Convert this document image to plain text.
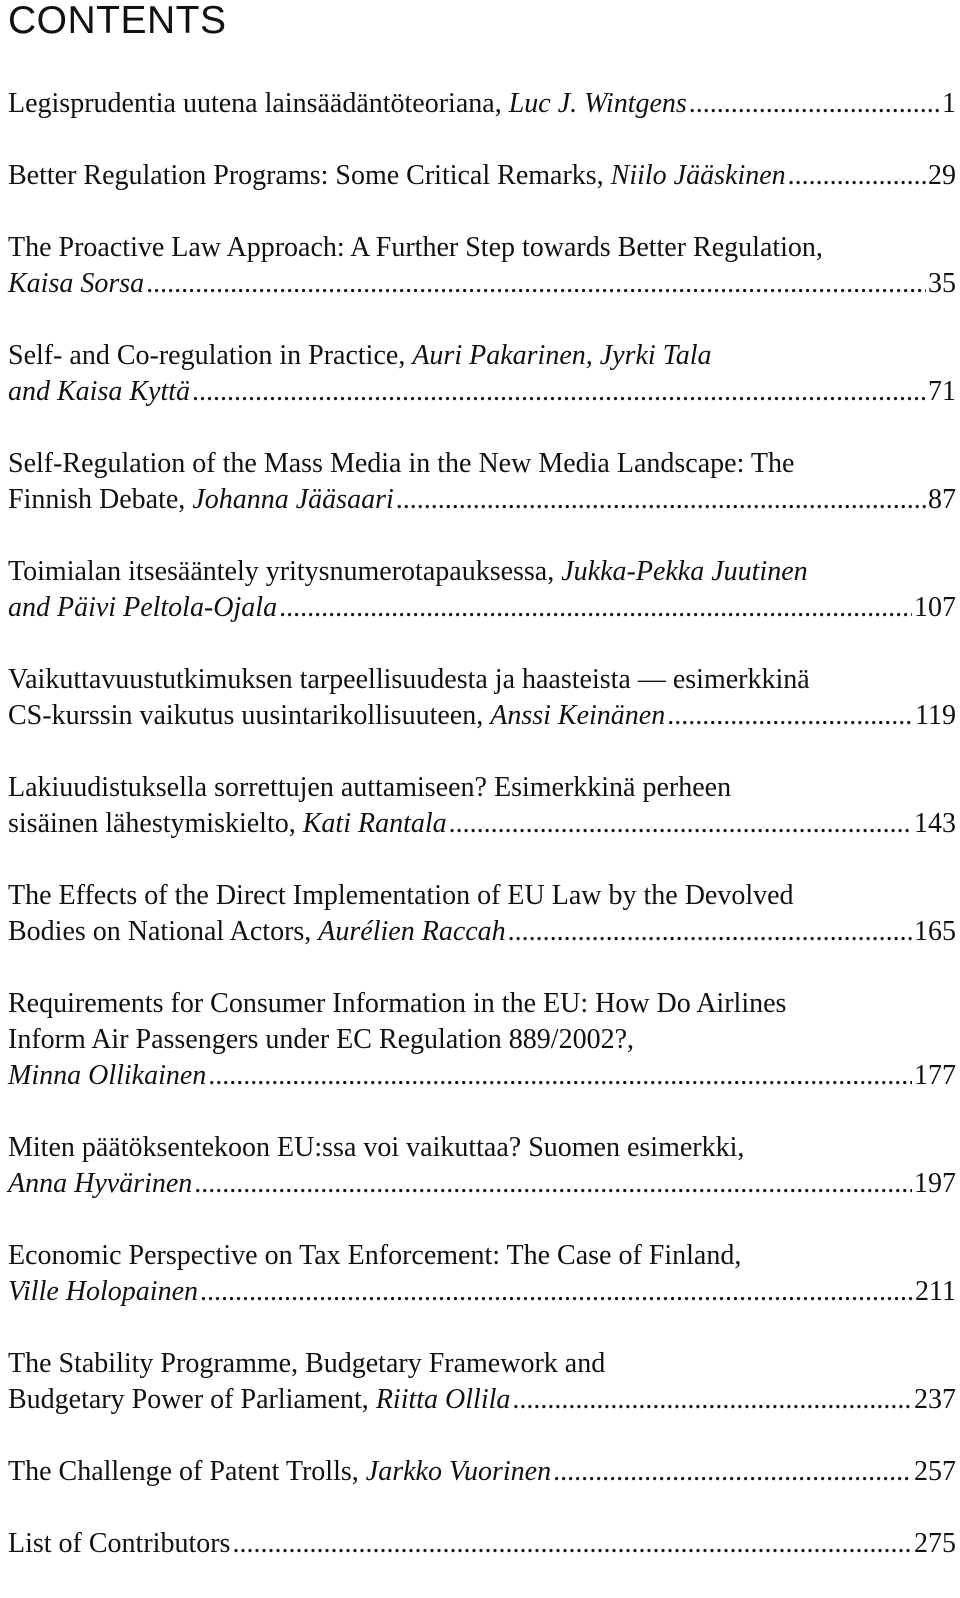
CONTENTS
Legisprudentia uutena lainsäädäntöteoriana, Luc J. Wintgens .....	1
Better Regulation Programs: Some Critical Remarks, Niilo Jääskinen .....	29
The Proactive Law Approach: A Further Step towards Better Regulation,
Kaisa Sorsa .....	35
Self- and Co-regulation in Practice, Auri Pakarinen, Jyrki Tala
and Kaisa Kyttä .....	71
Self-Regulation of the Mass Media in the New Media Landscape: The
Finnish Debate, Johanna Jääsaari .....	87
Toimialan itsesääntely yritysnumerotapauksessa, Jukka-Pekka Juutinen
and Päivi Peltola-Ojala .....	107
Vaikuttavuustutkimuksen tarpeellisuudesta ja haasteista — esimerkkinä
CS-kurssin vaikutus uusintarikollisuuteen, Anssi Keinänen .....	119
Lakiuudistuksella sorrettujen auttamiseen? Esimerkkinä perheen
sisäinen lähestymiskielto, Kati Rantala .....	143
The Effects of the Direct Implementation of EU Law by the Devolved
Bodies on National Actors, Aurélien Raccah .....	165
Requirements for Consumer Information in the EU: How Do Airlines
Inform Air Passengers under EC Regulation 889/2002?,
Minna Ollikainen .....	177
Miten päätöksentekoon EU:ssa voi vaikuttaa? Suomen esimerkki,
Anna Hyvärinen .....	197
Economic Perspective on Tax Enforcement: The Case of Finland,
Ville Holopainen .....	211
The Stability Programme, Budgetary Framework and
Budgetary Power of Parliament, Riitta Ollila .....	237
The Challenge of Patent Trolls, Jarkko Vuorinen .....	257
List of Contributors .....	275
